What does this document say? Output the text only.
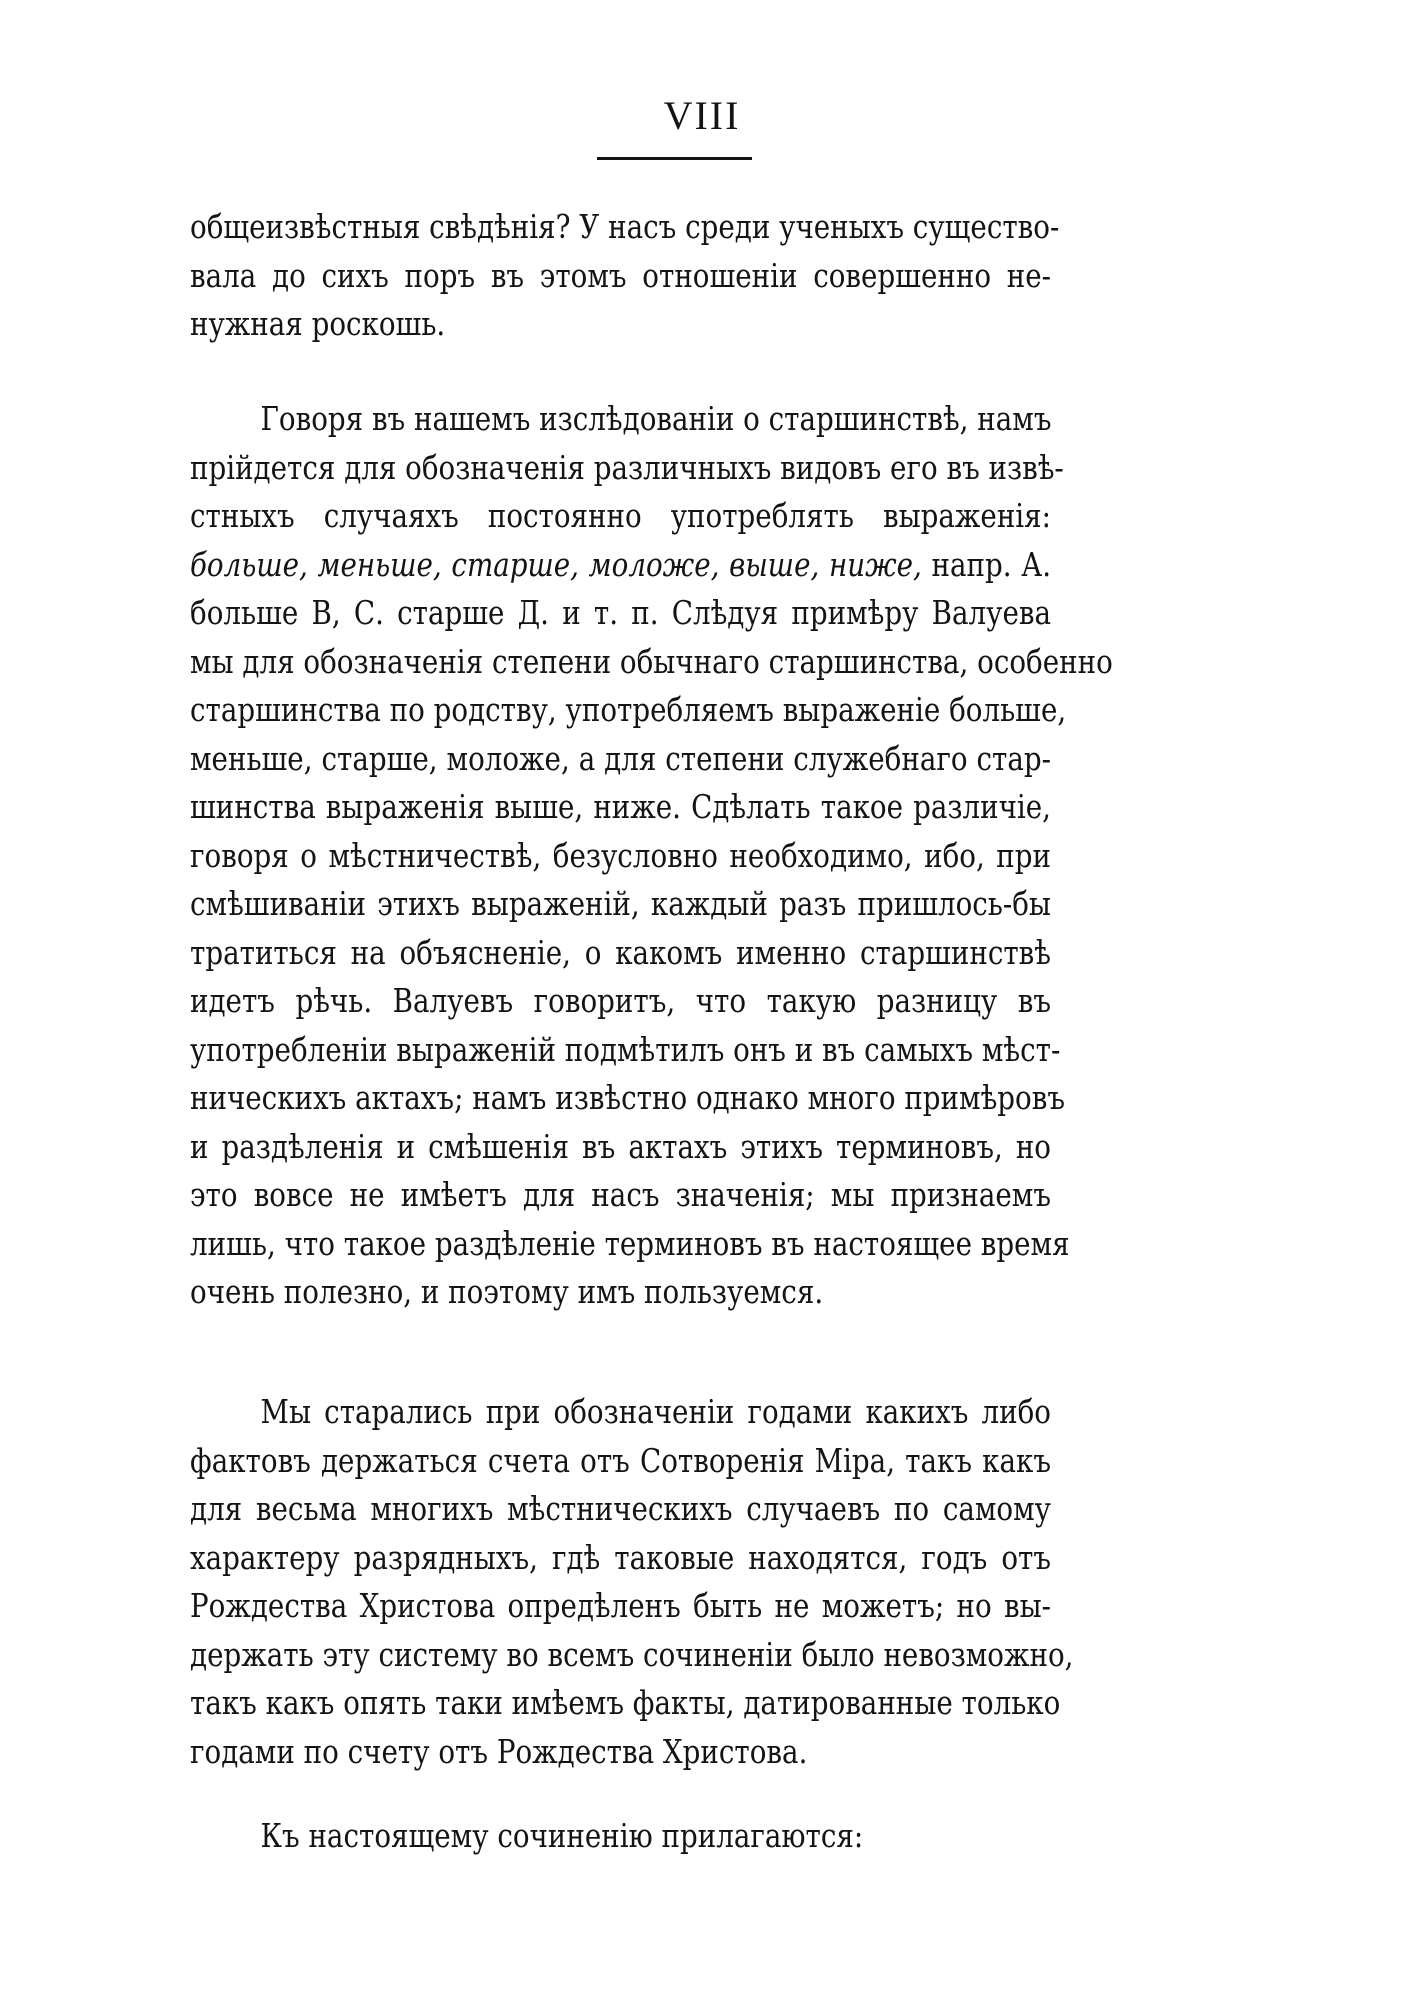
VIII
общеизвѣстныя свѣдѣнія? У насъ среди ученыхъ существо-
вала до сихъ поръ въ этомъ отношеніи совершенно не-
нужная роскошь.
Говоря въ нашемъ изслѣдованіи о старшинствѣ, намъ
прійдется для обозначенія различныхъ видовъ его въ извѣ-
стныхъ случаяхъ постоянно употреблять выраженія:
больше, меньше, старше, моложе, выше, ниже, напр. А.
больше В, С. старше Д. и т. п. Слѣдуя примѣру Валуева
мы для обозначенія степени обычнаго старшинства, особенно
старшинства по родству, употребляемъ выраженіе больше,
меньше, старше, моложе, а для степени служебнаго стар-
шинства выраженія выше, ниже. Сдѣлать такое различіе,
говоря о мѣстничествѣ, безусловно необходимо, ибо, при
смѣшиваніи этихъ выраженій, каждый разъ пришлось-бы
тратиться на объясненіе, о какомъ именно старшинствѣ
идетъ рѣчь. Валуевъ говоритъ, что такую разницу въ
употребленіи выраженій подмѣтилъ онъ и въ самыхъ мѣст-
ническихъ актахъ; намъ извѣстно однако много примѣровъ
и раздѣленія и смѣшенія въ актахъ этихъ терминовъ, но
это вовсе не имѣетъ для насъ значенія; мы признаемъ
лишь, что такое раздѣленіе терминовъ въ настоящее время
очень полезно, и поэтому имъ пользуемся.
Мы старались при обозначеніи годами какихъ либо
фактовъ держаться счета отъ Сотворенія Міра, такъ какъ
для весьма многихъ мѣстническихъ случаевъ по самому
характеру разрядныхъ, гдѣ таковые находятся, годъ отъ
Рождества Христова опредѣленъ быть не можетъ; но вы-
держать эту систему во всемъ сочиненіи было невозможно,
такъ какъ опять таки имѣемъ факты, датированные только
годами по счету отъ Рождества Христова.
Къ настоящему сочиненію прилагаются:
